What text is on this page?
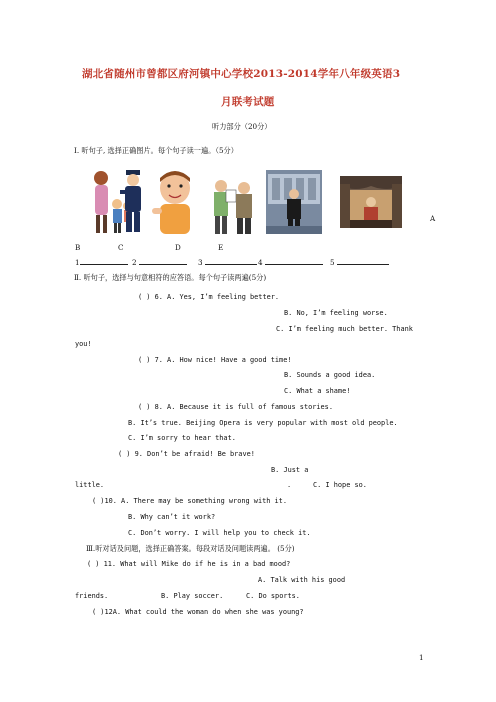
湖北省随州市曾都区府河镇中心学校2013-2014学年八年级英语3
月联考试题
听力部分（20分）
Ⅰ. 听句子, 选择正确图片。每个句子读一遍。（5分）
A
B	C	D	E
1	2	3	4	5
Ⅱ. 听句子，选择与句意相符的应答语。每个句子读两遍(5分)
( ) 6. A. Yes, I’m feeling better.
B. No, I’m feeling worse.
C. I’m feeling much better. Thank
you!
( ) 7. A. How nice! Have a good time!
B. Sounds a good idea.
C. What a shame!
( ) 8. A. Because it is full of famous stories.
B. It’s true. Beijing Opera is very popular with most old people.
C. I’m sorry to hear that.
( ) 9. Don’t be afraid! Be brave!
B. Just a
little.	.	C. I hope so.
( )10. A. There may be something wrong with it.
B. Why can’t it work?
C. Don’t worry. I will help you to check it.
Ⅲ.听对话及问题，选择正确答案。每段对话及问题读两遍。 (5分)
( ) 11. What will Mike do if he is in a bad mood?
A. Talk with his good
friends.	B. Play soccer.	C. Do sports.
( )12A. What could the woman do when she was young?
1
